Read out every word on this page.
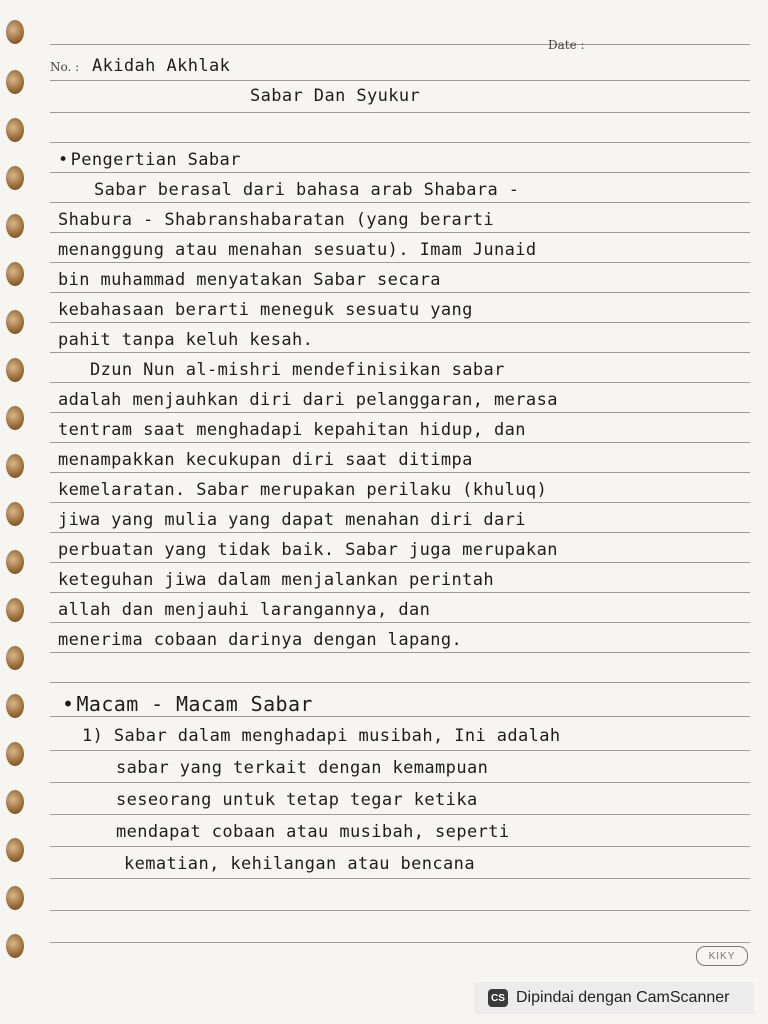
Date :
No. : Akidah Akhlak
Sabar Dan Syukur
• Pengertian Sabar
Sabar berasal dari bahasa arab Shabara -
Shabura - Shabranshabaratan (yang berarti
menanggung atau menahan sesuatu). Imam Junaid
bin muhammad menyatakan Sabar secara
kebahasaan berarti meneguk sesuatu yang
pahit tanpa keluh kesah.
Dzun Nun al-mishri mendefinisikan sabar
adalah menjauhkan diri dari pelanggaran, merasa
tentram saat menghadapi kepahitan hidup, dan
menampakkan kecukupan diri saat ditimpa
kemelaratan. Sabar merupakan perilaku (khuluq)
jiwa yang mulia yang dapat menahan diri dari
perbuatan yang tidak baik. Sabar juga merupakan
keteguhan jiwa dalam menjalankan perintah
allah dan menjauhi larangannya, dan
menerima cobaan darinya dengan lapang.
• Macam - Macam Sabar
1) Sabar dalam menghadapi musibah, Ini adalah
sabar yang terkait dengan kemampuan
seseorang untuk tetap tegar ketika
mendapat cobaan atau musibah, seperti
kematian, kehilangan atau bencana
KIKY
CS Dipindai dengan CamScanner
